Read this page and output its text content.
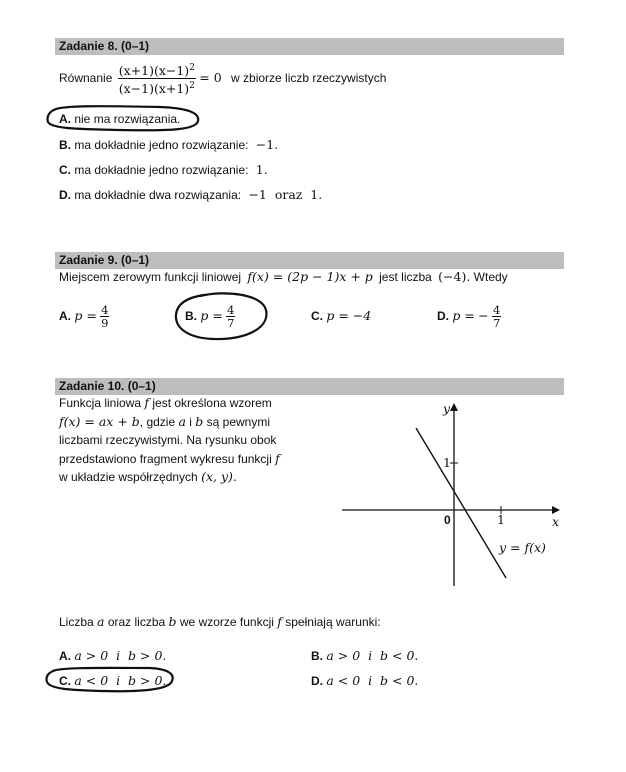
Zadanie 8. (0–1)
Równanie $\frac{(x+1)(x-1)^2}{(x-1)(x+1)^2} = 0$ w zbiorze liczb rzeczywistych
A. nie ma rozwiązania.
B. ma dokładnie jedno rozwiązanie: −1.
C. ma dokładnie jedno rozwiązanie: 1.
D. ma dokładnie dwa rozwiązania: −1  oraz  1.
Zadanie 9. (0–1)
Miejscem zerowym funkcji liniowej f(x) = (2p − 1)x + p jest liczba (−4). Wtedy
A. $p = \frac{4}{9}$	B. $p = \frac{4}{7}$	C. p = −4	D. p = − $\frac{4}{7}$
Zadanie 10. (0–1)
Funkcja liniowa f jest określona wzorem
f(x) = ax + b, gdzie a i b są pewnymi
liczbami rzeczywistymi. Na rysunku obok
przedstawiono fragment wykresu funkcji f
w układzie współrzędnych (x, y).
y
x
0	1
1
y = f(x)
Liczba a oraz liczba b we wzorze funkcji f spełniają warunki:
A. a > 0  i  b > 0.	B. a > 0  i  b < 0.
C. a < 0  i  b > 0.	D. a < 0  i  b < 0.
